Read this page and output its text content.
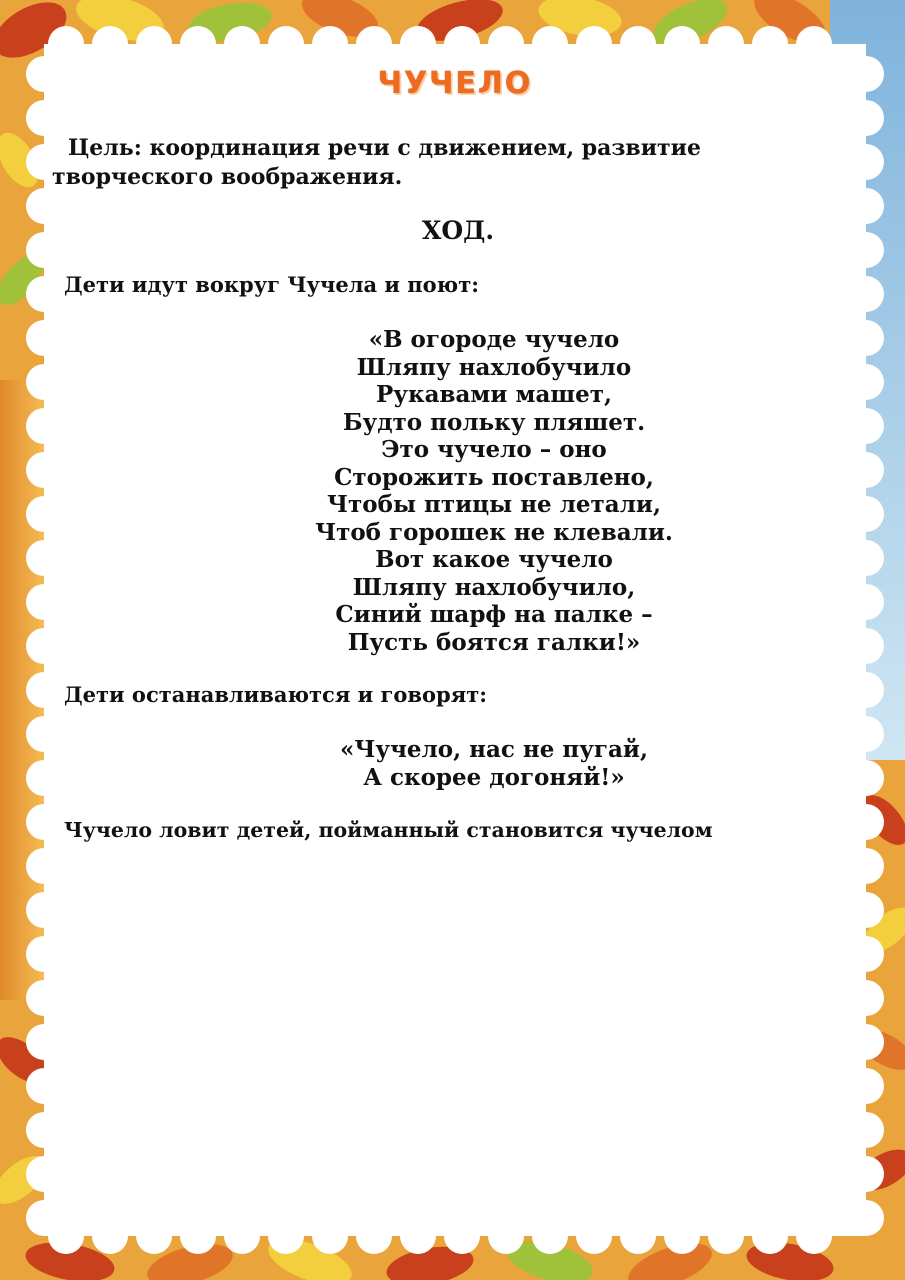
ЧУЧЕЛО
Цель: координация речи с движением, развитие
творческого воображения.
ХОД.
Дети идут вокруг Чучела и поют:
«В огороде чучело
Шляпу нахлобучило
Рукавами машет,
Будто польку пляшет.
Это чучело – оно
Сторожить поставлено,
Чтобы птицы не летали,
Чтоб горошек не клевали.
Вот какое чучело
Шляпу нахлобучило,
Синий шарф на палке –
Пусть боятся галки!»
Дети останавливаются и говорят:
«Чучело, нас не пугай,
А скорее догоняй!»
Чучело ловит детей, пойманный становится чучелом
